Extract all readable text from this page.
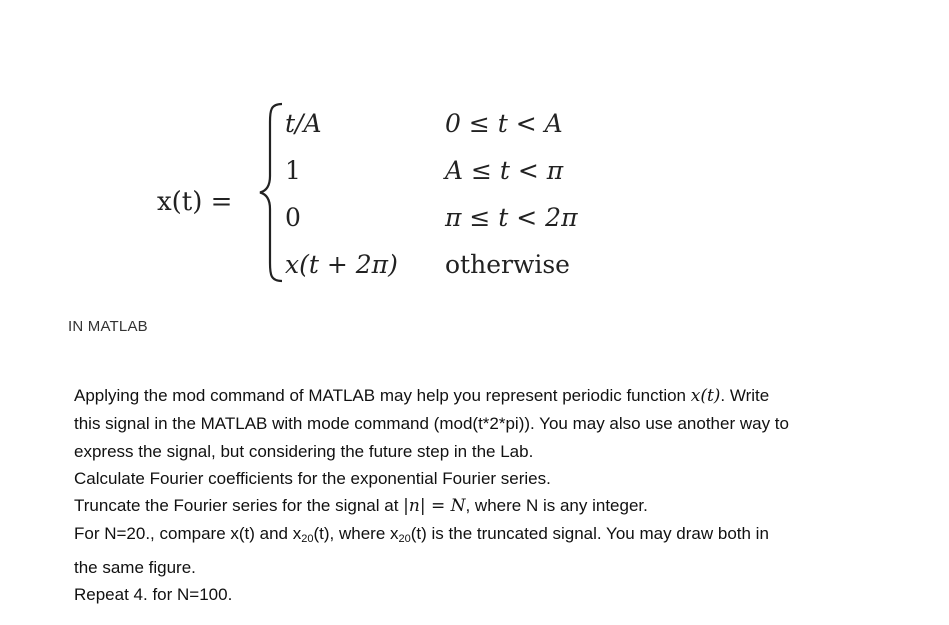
x(t) =
t/A	0 ≤ t < A
1	A ≤ t < π
0	π ≤ t < 2π
x(t + 2π) otherwise
IN MATLAB
Applying the mod command of MATLAB may help you represent periodic function x(t). Write
this signal in the MATLAB with mode command (mod(t*2*pi)). You may also use another way to
express the signal, but considering the future step in the Lab.
Calculate Fourier coefficients for the exponential Fourier series.
Truncate the Fourier series for the signal at |n| = N, where N is any integer.
For N=20., compare x(t) and $x_{20}(t)$, where $x_{20}(t)$ is the truncated signal. You may draw both in
the same figure.
Repeat 4. for N=100.
